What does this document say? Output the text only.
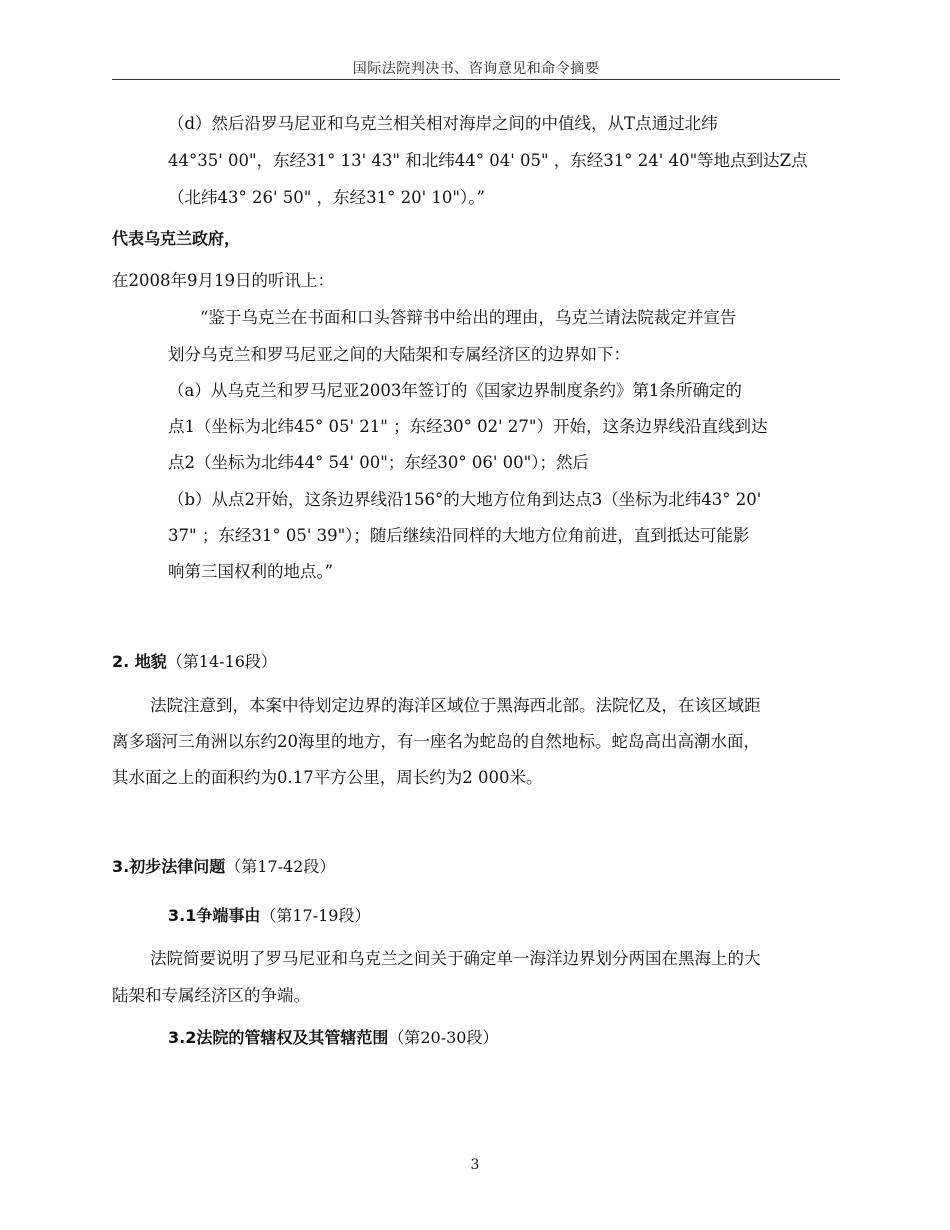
国际法院判决书、咨询意见和命令摘要
（d）然后沿罗马尼亚和乌克兰相关相对海岸之间的中值线，从T点通过北纬
44°35' 00"，东经31° 13' 43" 和北纬44° 04' 05" ，东经31° 24' 40"等地点到达Z点
（北纬43° 26' 50" ，东经31° 20' 10"）。”
代表乌克兰政府，
在2008年9月19日的听讯上：
“鉴于乌克兰在书面和口头答辩书中给出的理由，乌克兰请法院裁定并宣告
划分乌克兰和罗马尼亚之间的大陆架和专属经济区的边界如下：
（a）从乌克兰和罗马尼亚2003年签订的《国家边界制度条约》第1条所确定的
点1（坐标为北纬45° 05' 21" ；东经30° 02' 27"）开始，这条边界线沿直线到达
点2（坐标为北纬44° 54' 00"；东经30° 06' 00"）；然后
（b）从点2开始，这条边界线沿156°的大地方位角到达点3（坐标为北纬43° 20'
37" ；东经31° 05' 39"）；随后继续沿同样的大地方位角前进，直到抵达可能影
响第三国权利的地点。”
2. 地貌（第14-16段）
法院注意到，本案中待划定边界的海洋区域位于黑海西北部。法院忆及，在该区域距
离多瑙河三角洲以东约20海里的地方，有一座名为蛇岛的自然地标。蛇岛高出高潮水面，
其水面之上的面积约为0.17平方公里，周长约为2 000米。
3.初步法律问题（第17-42段）
3.1争端事由（第17-19段）
法院简要说明了罗马尼亚和乌克兰之间关于确定单一海洋边界划分两国在黑海上的大
陆架和专属经济区的争端。
3.2法院的管辖权及其管辖范围（第20-30段）
3
